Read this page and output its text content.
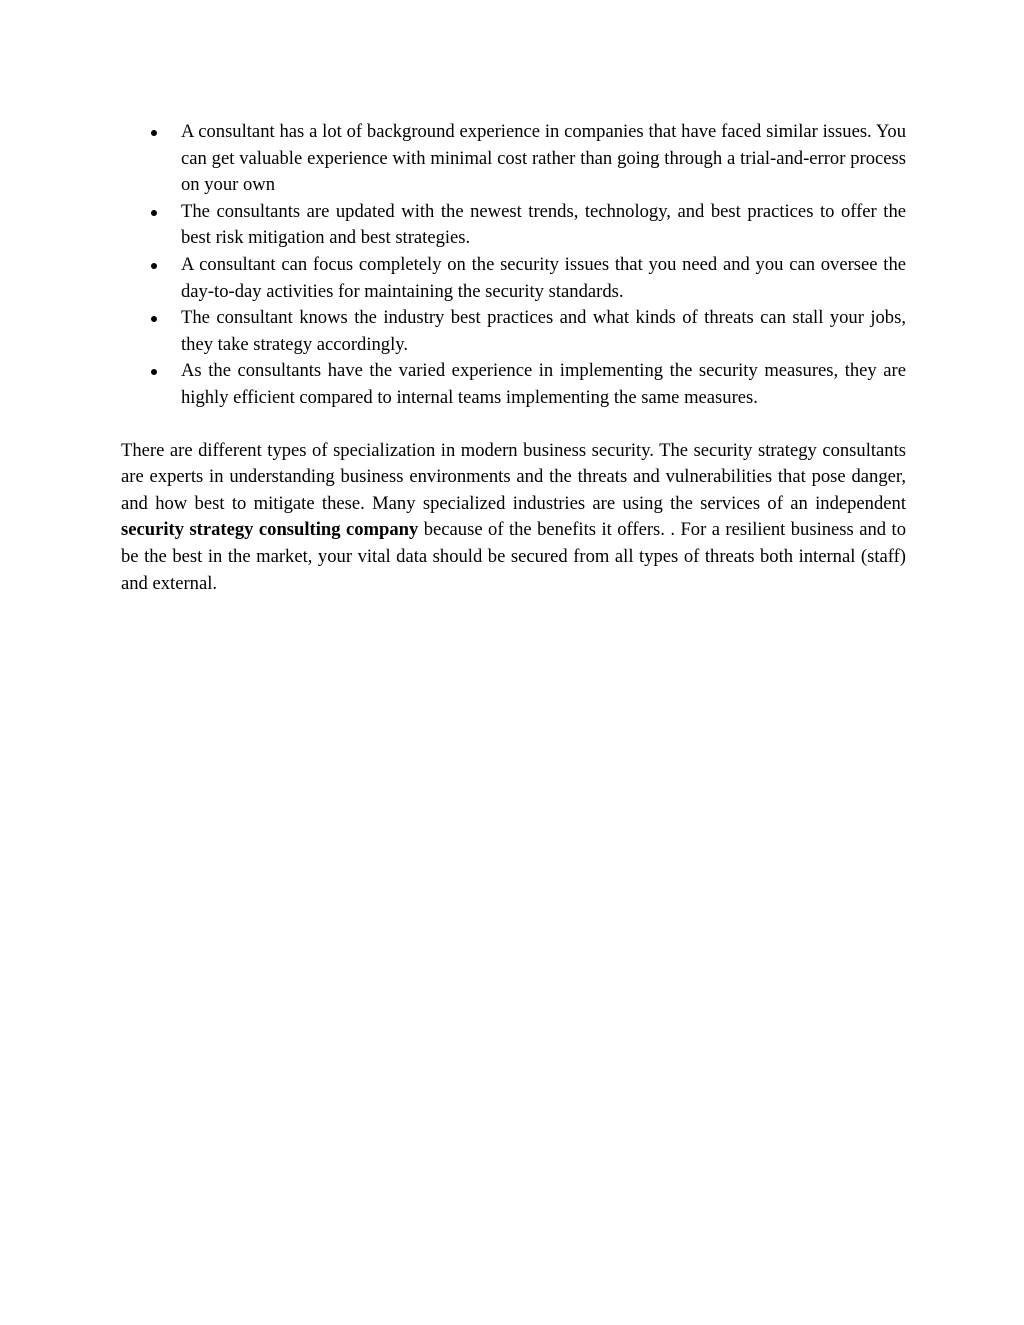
A consultant has a lot of background experience in companies that have faced similar issues. You can get valuable experience with minimal cost rather than going through a trial-and-error process on your own
The consultants are updated with the newest trends, technology, and best practices to offer the best risk mitigation and best strategies.
A consultant can focus completely on the security issues that you need and you can oversee the day-to-day activities for maintaining the security standards.
The consultant knows the industry best practices and what kinds of threats can stall your jobs, they take strategy accordingly.
As the consultants have the varied experience in implementing the security measures, they are highly efficient compared to internal teams implementing the same measures.

There are different types of specialization in modern business security. The security strategy consultants are experts in understanding business environments and the threats and vulnerabilities that pose danger, and how best to mitigate these. Many specialized industries are using the services of an independent security strategy consulting company because of the benefits it offers. . For a resilient business and to be the best in the market, your vital data should be secured from all types of threats both internal (staff) and external.
